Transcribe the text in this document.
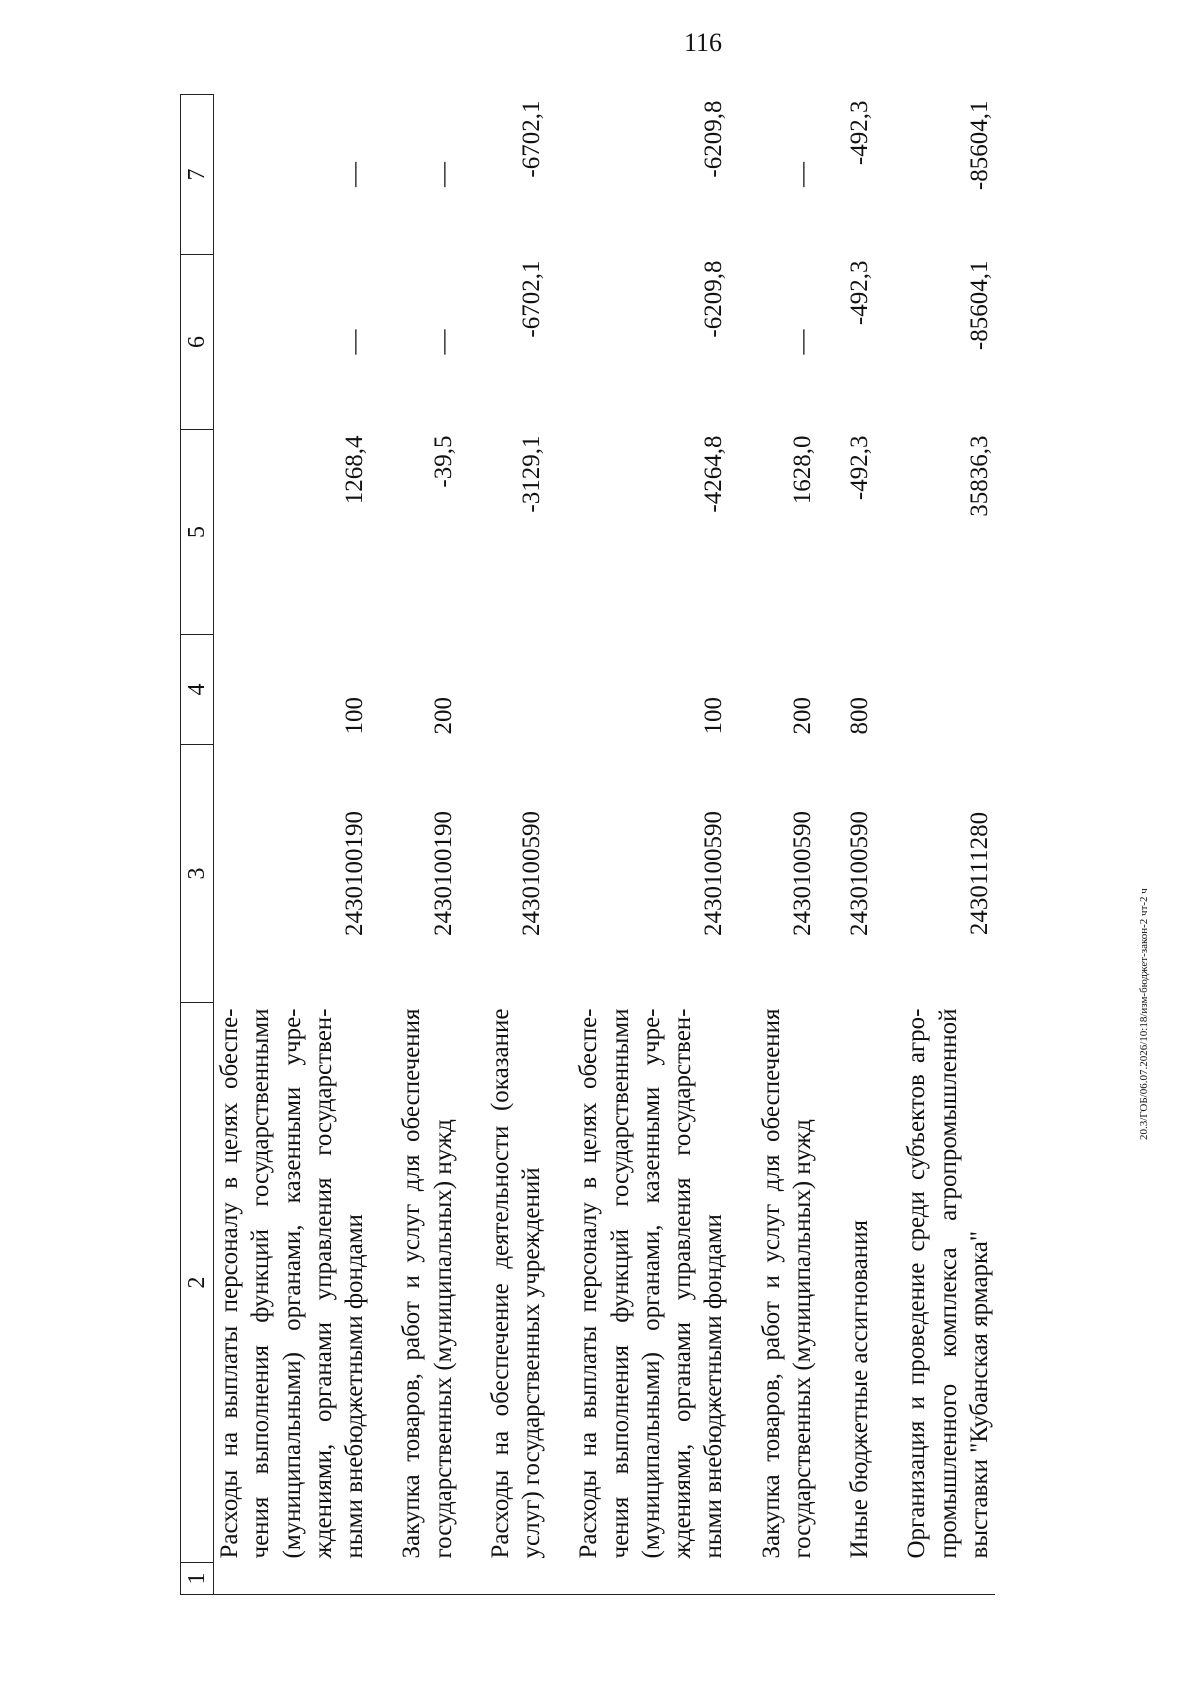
116
1	2	3	4	5	6	7
	Расходы на выплаты персоналу в целях обеспечения выполнения функций государственными (муниципальными) органами, казенными учреждениями, органами управления государственными внебюджетными фондами	2430100190	100	1268,4	—	—

	Закупка товаров, работ и услуг для обеспечения государственных (муниципальных) нужд	2430100190	200	-39,5	—	—

	Расходы на обеспечение деятельности (оказание услуг) государственных учреждений	2430100590		-3129,1	-6702,1	-6702,1

	Расходы на выплаты персоналу в целях обеспечения выполнения функций государственными (муниципальными) органами, казенными учреждениями, органами управления государственными внебюджетными фондами	2430100590	100	-4264,8	-6209,8	-6209,8

	Закупка товаров, работ и услуг для обеспечения государственных (муниципальных) нужд	2430100590	200	1628,0	—	—

	Иные бюджетные ассигнования	2430100590	800	-492,3	-492,3	-492,3

	Организация и проведение среди субъектов агропромышленного комплекса агропромышленной выставки "Кубанская ярмарка"	2430111280		35836,3	-85604,1	-85604,1
20.3/ГОБ/06.07.2026/10:18/изм-бюджет-закон-2 чт-2 ч
